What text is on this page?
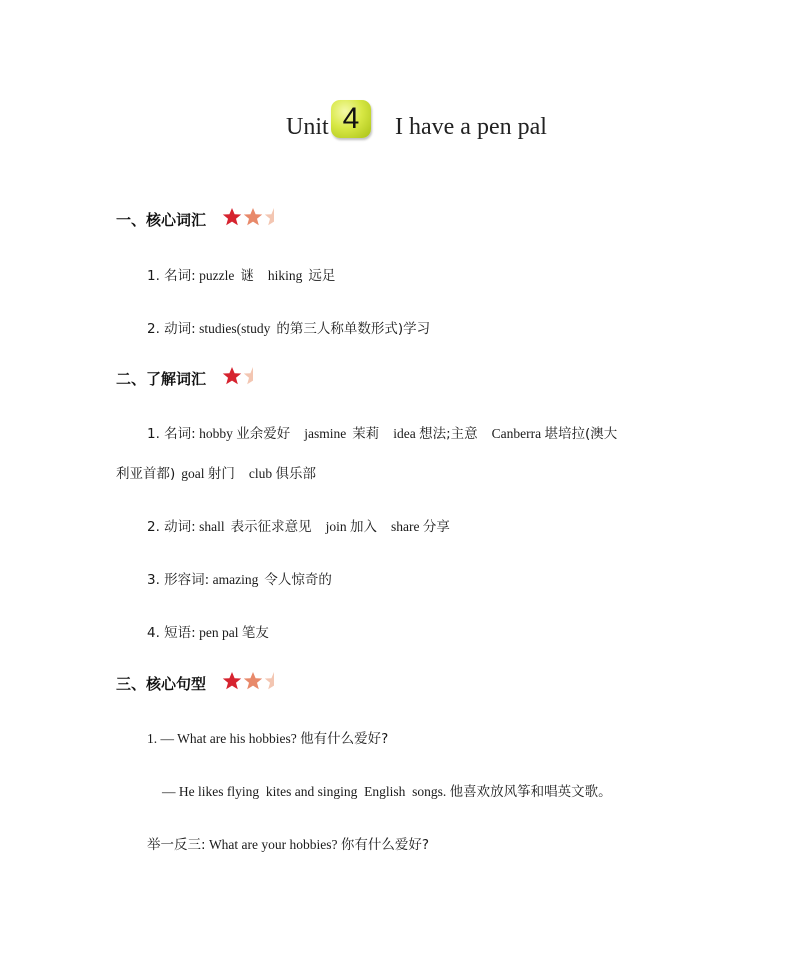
Unit 4	I have a pen pal
一、核心词汇
1. 名词: puzzle 谜 hiking 远足
2. 动词: studies(study 的第三人称单数形式)学习
二、了解词汇
1. 名词: hobby 业余爱好 jasmine 茉莉 idea 想法;主意 Canberra 堪培拉(澳大
利亚首都) goal 射门 club 俱乐部
2. 动词: shall 表示征求意见 join 加入 share 分享
3. 形容词: amazing 令人惊奇的
4. 短语: pen pal 笔友
三、核心句型
1. — What are his hobbies? 他有什么爱好?
— He likes flying  kites and singing  English  songs. 他喜欢放风筝和唱英文歌。
举一反三: What are your hobbies? 你有什么爱好?
